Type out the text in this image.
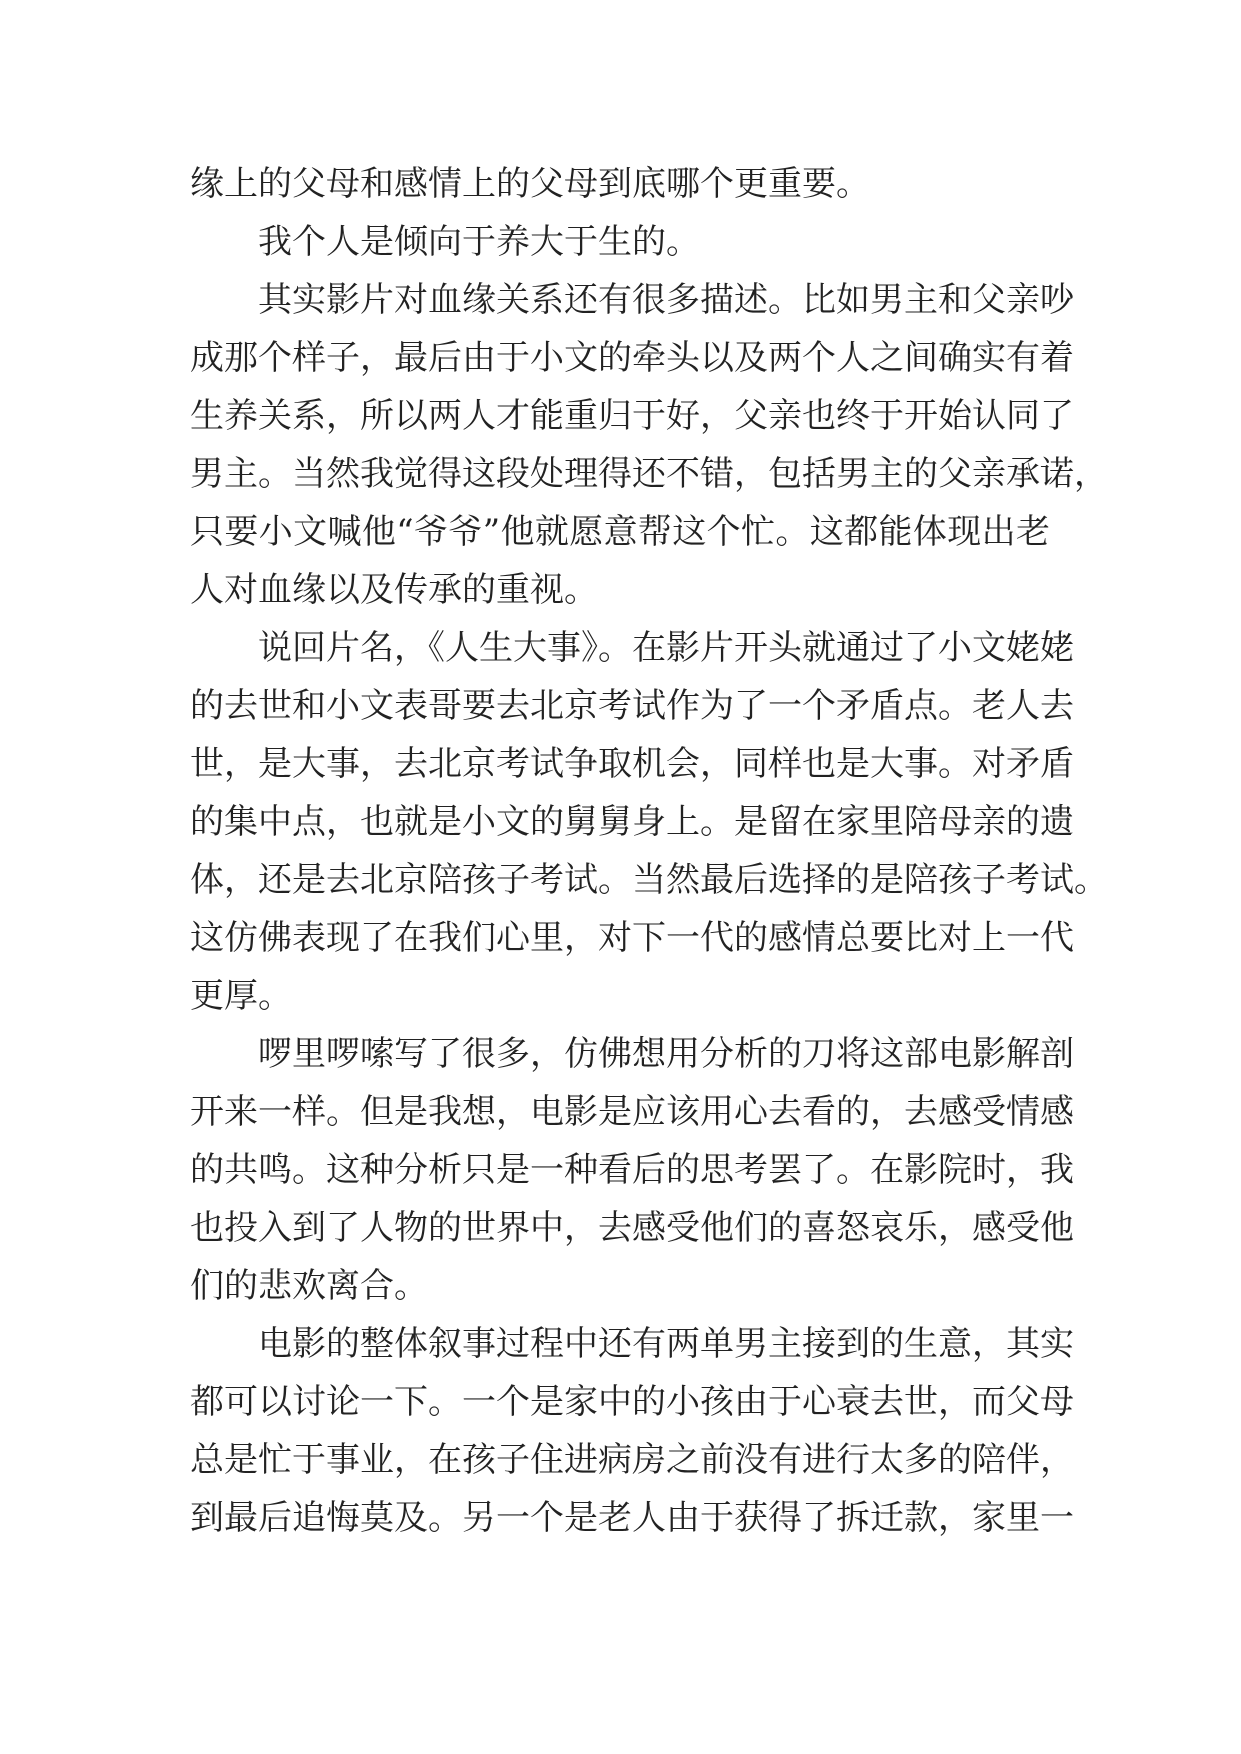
缘上的父母和感情上的父母到底哪个更重要。
我个人是倾向于养大于生的。
其实影片对血缘关系还有很多描述。比如男主和父亲吵
成那个样子，最后由于小文的牵头以及两个人之间确实有着
生养关系，所以两人才能重归于好，父亲也终于开始认同了
男主。当然我觉得这段处理得还不错，包括男主的父亲承诺，
只要小文喊他“爷爷”他就愿意帮这个忙。这都能体现出老
人对血缘以及传承的重视。
说回片名，《人生大事》。在影片开头就通过了小文姥姥
的去世和小文表哥要去北京考试作为了一个矛盾点。老人去
世，是大事，去北京考试争取机会，同样也是大事。对矛盾
的集中点，也就是小文的舅舅身上。是留在家里陪母亲的遗
体，还是去北京陪孩子考试。当然最后选择的是陪孩子考试。
这仿佛表现了在我们心里，对下一代的感情总要比对上一代
更厚。
啰里啰嗦写了很多，仿佛想用分析的刀将这部电影解剖
开来一样。但是我想，电影是应该用心去看的，去感受情感
的共鸣。这种分析只是一种看后的思考罢了。在影院时，我
也投入到了人物的世界中，去感受他们的喜怒哀乐，感受他
们的悲欢离合。
电影的整体叙事过程中还有两单男主接到的生意，其实
都可以讨论一下。一个是家中的小孩由于心衰去世，而父母
总是忙于事业，在孩子住进病房之前没有进行太多的陪伴，
到最后追悔莫及。另一个是老人由于获得了拆迁款，家里一
